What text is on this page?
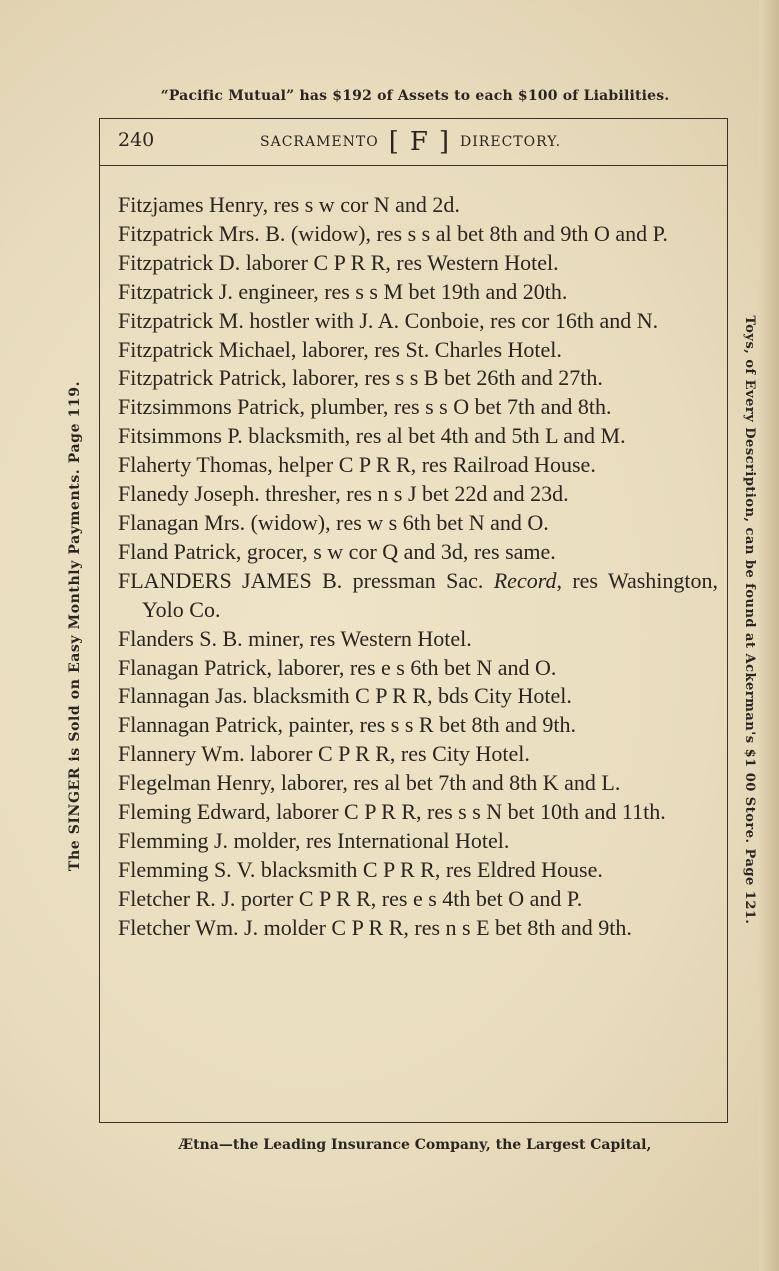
“Pacific Mutual” has $192 of Assets to each $100 of Liabilities.
The SINGER is Sold on Easy Monthly Payments. Page 119.	Toys, of Every Description, can be found at Ackerman's $1 00 Store. Page 121.
240	SACRAMENTO [ F ] DIRECTORY.

Fitzjames Henry, res s w cor N and 2d.

Fitzpatrick Mrs. B. (widow), res s s al bet 8th and 9th O and P.

Fitzpatrick D. laborer C P R R, res Western Hotel.

Fitzpatrick J. engineer, res s s M bet 19th and 20th.

Fitzpatrick M. hostler with J. A. Conboie, res cor 16th and N.

Fitzpatrick Michael, laborer, res St. Charles Hotel.

Fitzpatrick Patrick, laborer, res s s B bet 26th and 27th.

Fitzsimmons Patrick, plumber, res s s O bet 7th and 8th.

Fitsimmons P. blacksmith, res al bet 4th and 5th L and M.

Flaherty Thomas, helper C P R R, res Railroad House.

Flanedy Joseph. thresher, res n s J bet 22d and 23d.

Flanagan Mrs. (widow), res w s 6th bet N and O.

Fland Patrick, grocer, s w cor Q and 3d, res same.

FLANDERS JAMES B. pressman Sac. Record, res Washington, Yolo Co.

Flanders S. B. miner, res Western Hotel.

Flanagan Patrick, laborer, res e s 6th bet N and O.

Flannagan Jas. blacksmith C P R R, bds City Hotel.

Flannagan Patrick, painter, res s s R bet 8th and 9th.

Flannery Wm. laborer C P R R, res City Hotel.

Flegelman Henry, laborer, res al bet 7th and 8th K and L.

Fleming Edward, laborer C P R R, res s s N bet 10th and 11th.

Flemming J. molder, res International Hotel.

Flemming S. V. blacksmith C P R R, res Eldred House.

Fletcher R. J. porter C P R R, res e s 4th bet O and P.

Fletcher Wm. J. molder C P R R, res n s E bet 8th and 9th.

Ætna—the Leading Insurance Company, the Largest Capital,
